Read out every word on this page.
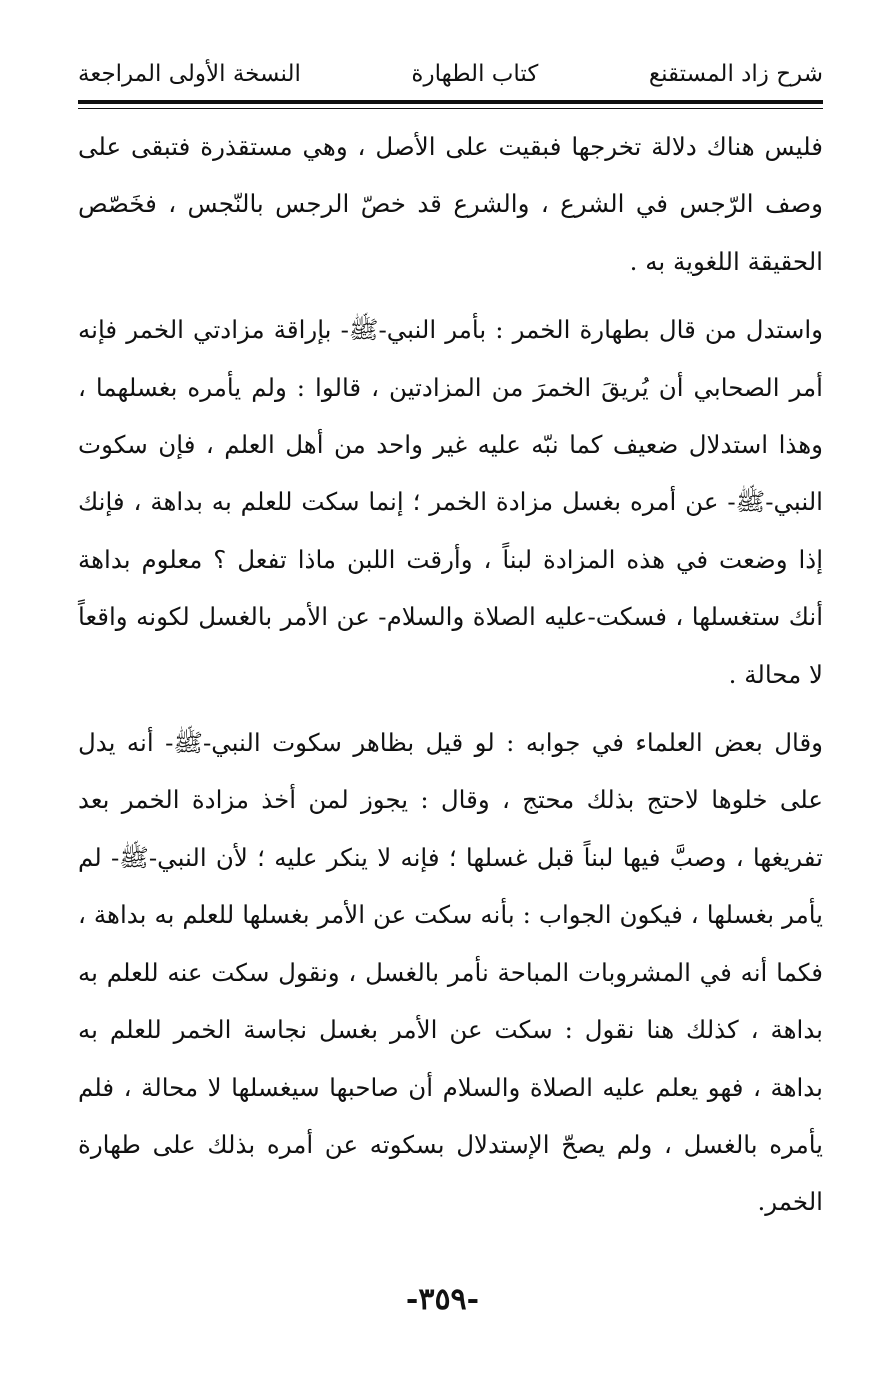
شرح زاد المستقنع
كتاب الطهارة
النسخة الأولى المراجعة

فليس هناك دلالة تخرجها فبقيت على الأصل ، وهي مستقذرة فتبقى على وصف الرّجس في الشرع ، والشرع قد خصّ الرجس بالنّجس ، فخَصّص الحقيقة اللغوية به .

واستدل من قال بطهارة الخمر : بأمر النبي-ﷺ- بإراقة مزادتي الخمر فإنه أمر الصحابي أن يُريقَ الخمرَ من المزادتين ، قالوا : ولم يأمره بغسلهما ، وهذا استدلال ضعيف كما نبّه عليه غير واحد من أهل العلم ، فإن سكوت النبي-ﷺ- عن أمره بغسل مزادة الخمر ؛ إنما سكت للعلم به بداهة ، فإنك إذا وضعت في هذه المزادة لبناً ، وأرقت اللبن ماذا تفعل ؟ معلوم بداهة أنك ستغسلها ، فسكت-عليه الصلاة والسلام- عن الأمر بالغسل لكونه واقعاً لا محالة .

وقال بعض العلماء في جوابه : لو قيل بظاهر سكوت النبي-ﷺ- أنه يدل على خلوها لاحتج بذلك محتج ، وقال : يجوز لمن أخذ مزادة الخمر بعد تفريغها ، وصبَّ فيها لبناً قبل غسلها ؛ فإنه لا ينكر عليه ؛ لأن النبي-ﷺ- لم يأمر بغسلها ، فيكون الجواب : بأنه سكت عن الأمر بغسلها للعلم به بداهة ، فكما أنه في المشروبات المباحة نأمر بالغسل ، ونقول سكت عنه للعلم به بداهة ، كذلك هنا نقول : سكت عن الأمر بغسل نجاسة الخمر للعلم به بداهة ، فهو يعلم عليه الصلاة والسلام أن صاحبها سيغسلها لا محالة ، فلم يأمره بالغسل ، ولم يصحّ الإستدلال بسكوته عن أمره بذلك على طهارة الخمر.

-٣٥٩-
